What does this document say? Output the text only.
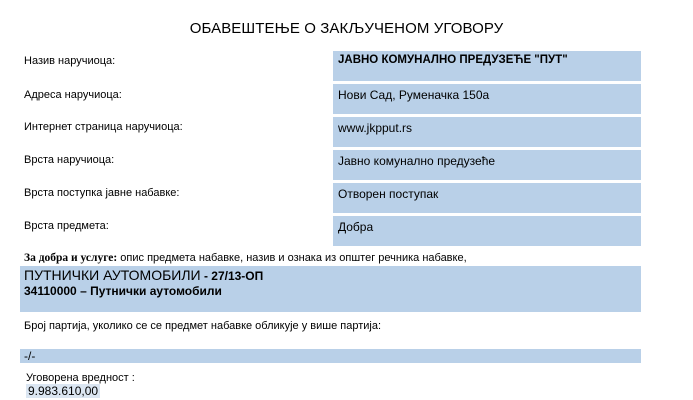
ОБАВЕШТЕЊЕ О ЗАКЉУЧЕНОМ УГОВОРУ
Назив наручиоца:	ЈАВНО КОМУНАЛНО ПРЕДУЗЕЋЕ "ПУТ"
Адреса наручиоца:	Нови Сад, Руменачка 150а
Интернет страница наручиоца:	www.jkpput.rs
Врста наручиоца:	Јавно комунално предузеће
Врста поступка јавне набавке:	Отворен поступак
Врста предмета:	Добра
За добра и услуге: опис предмета набавке, назив и ознака из општег речника набавке,
ПУТНИЧКИ АУТОМОБИЛИ - 27/13-ОП
34110000 – Путнички аутомобили
Број партија, уколико се се предмет набавке обликује у више партија:
-/-
Уговорена вредност :
9.983.610,00
